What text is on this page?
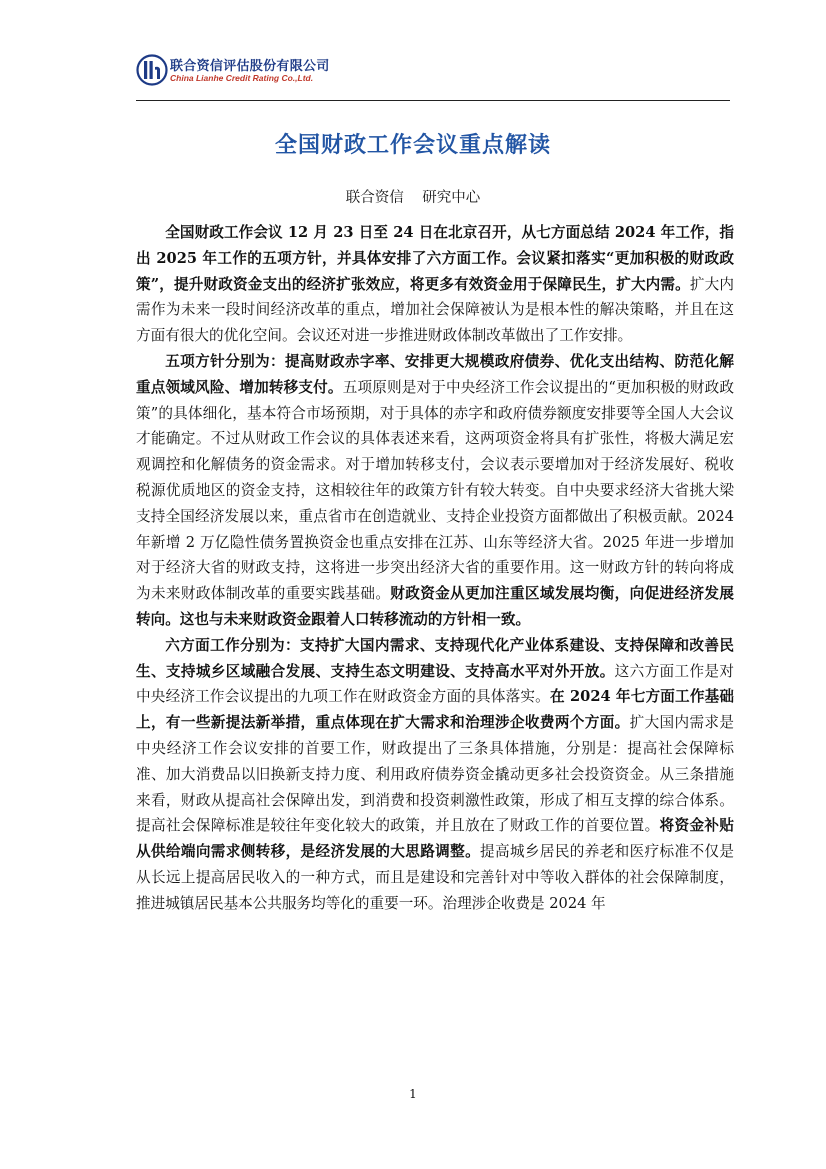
联合资信评估股份有限公司
China Lianhe Credit Rating Co.,Ltd.
全国财政工作会议重点解读
联合资信    研究中心

全国财政工作会议 12 月 23 日至 24 日在北京召开，从七方面总结 2024 年工作，指出 2025 年工作的五项方针，并具体安排了六方面工作。会议紧扣落实“更加积极的财政政策”，提升财政资金支出的经济扩张效应，将更多有效资金用于保障民生，扩大内需。扩大内需作为未来一段时间经济改革的重点，增加社会保障被认为是根本性的解决策略，并且在这方面有很大的优化空间。会议还对进一步推进财政体制改革做出了工作安排。

五项方针分别为：提高财政赤字率、安排更大规模政府债券、优化支出结构、防范化解重点领域风险、增加转移支付。五项原则是对于中央经济工作会议提出的“更加积极的财政政策”的具体细化，基本符合市场预期，对于具体的赤字和政府债券额度安排要等全国人大会议才能确定。不过从财政工作会议的具体表述来看，这两项资金将具有扩张性，将极大满足宏观调控和化解债务的资金需求。对于增加转移支付，会议表示要增加对于经济发展好、税收税源优质地区的资金支持，这相较往年的政策方针有较大转变。自中央要求经济大省挑大梁支持全国经济发展以来，重点省市在创造就业、支持企业投资方面都做出了积极贡献。2024 年新增 2 万亿隐性债务置换资金也重点安排在江苏、山东等经济大省。2025 年进一步增加对于经济大省的财政支持，这将进一步突出经济大省的重要作用。这一财政方针的转向将成为未来财政体制改革的重要实践基础。财政资金从更加注重区域发展均衡，向促进经济发展转向。这也与未来财政资金跟着人口转移流动的方针相一致。

六方面工作分别为：支持扩大国内需求、支持现代化产业体系建设、支持保障和改善民生、支持城乡区域融合发展、支持生态文明建设、支持高水平对外开放。这六方面工作是对中央经济工作会议提出的九项工作在财政资金方面的具体落实。在 2024 年七方面工作基础上，有一些新提法新举措，重点体现在扩大需求和治理涉企收费两个方面。扩大国内需求是中央经济工作会议安排的首要工作，财政提出了三条具体措施，分别是：提高社会保障标准、加大消费品以旧换新支持力度、利用政府债券资金撬动更多社会投资资金。从三条措施来看，财政从提高社会保障出发，到消费和投资刺激性政策，形成了相互支撑的综合体系。提高社会保障标准是较往年变化较大的政策，并且放在了财政工作的首要位置。将资金补贴从供给端向需求侧转移，是经济发展的大思路调整。提高城乡居民的养老和医疗标准不仅是从长远上提高居民收入的一种方式，而且是建设和完善针对中等收入群体的社会保障制度，推进城镇居民基本公共服务均等化的重要一环。治理涉企收费是 2024 年

1
